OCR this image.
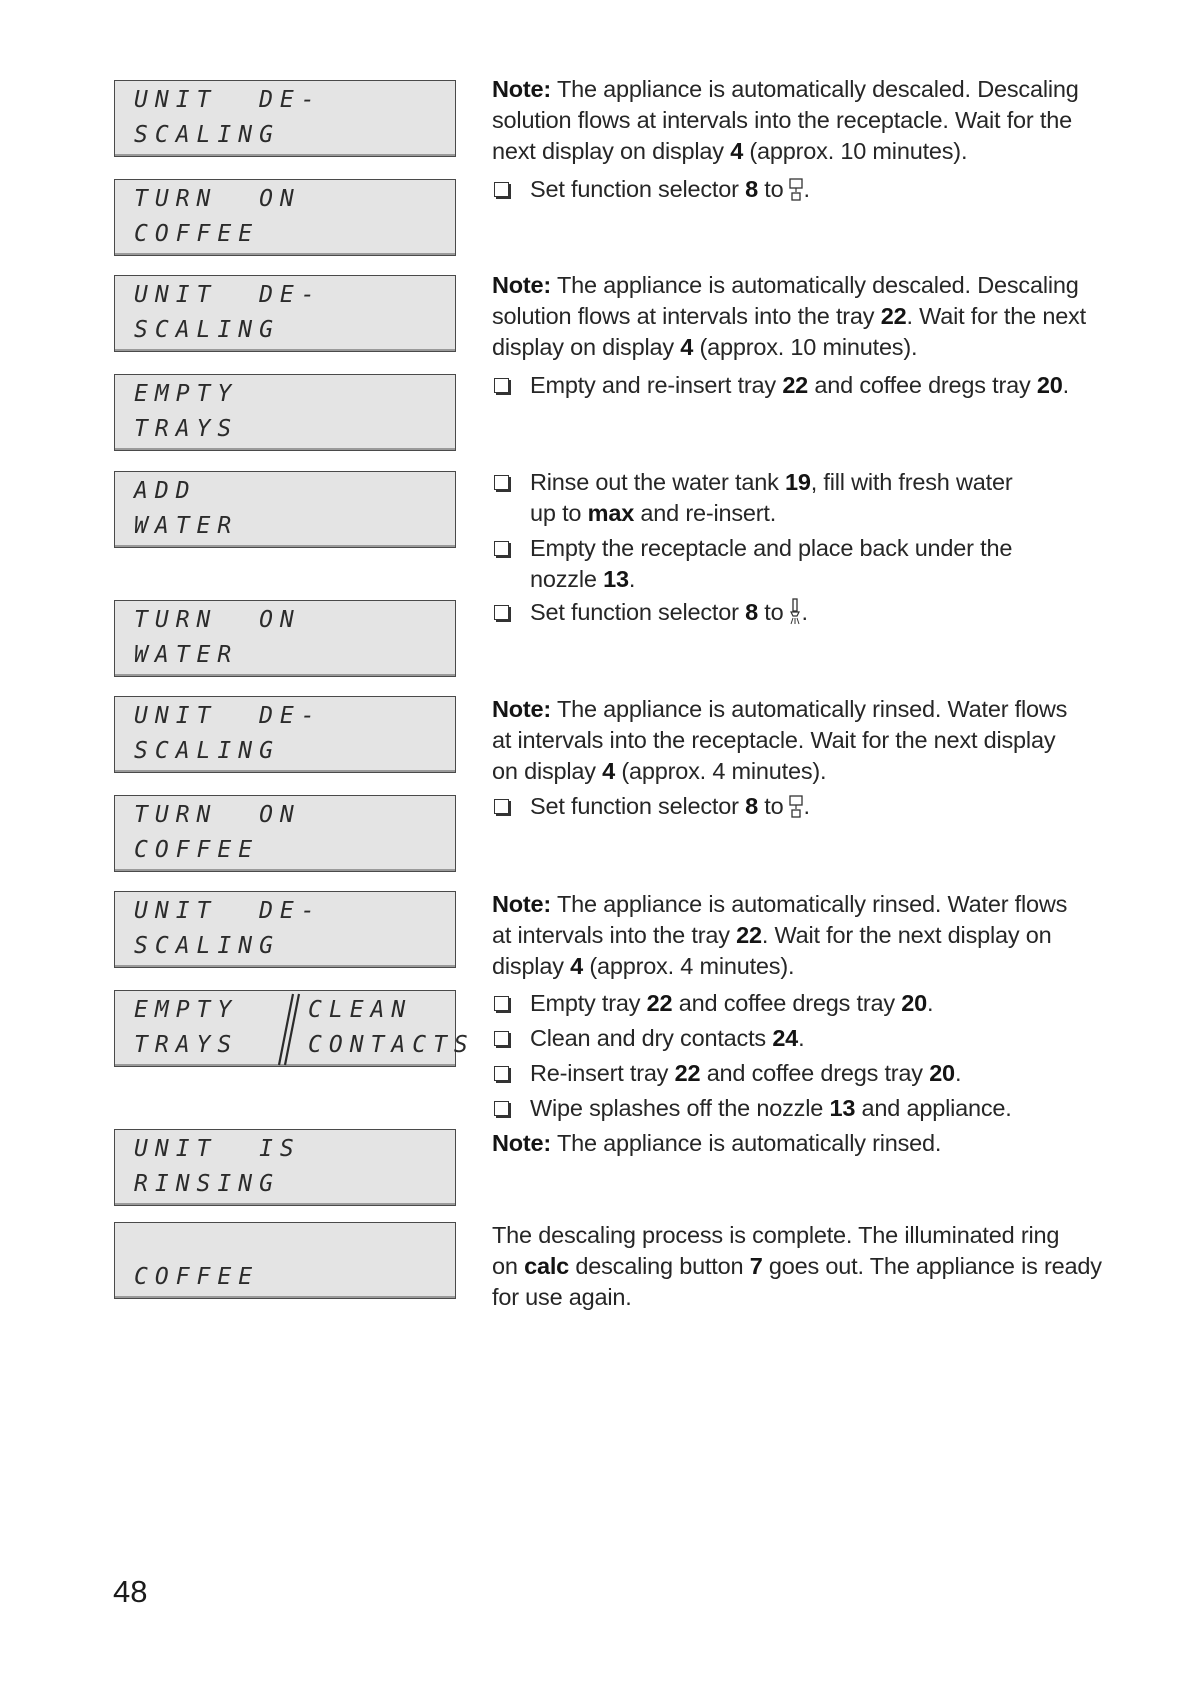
UNIT  DE-
SCALING
TURN  ON
COFFEE
UNIT  DE-
SCALING
EMPTY
TRAYS
ADD
WATER
TURN  ON
WATER
UNIT  DE-
SCALING
TURN  ON
COFFEE
UNIT  DE-
SCALING
EMPTY
TRAYS
CLEAN
CONTACTS
UNIT  IS
RINSING
COFFEE
Note: The appliance is automatically descaled. Descaling
solution flows at intervals into the receptacle. Wait for the
next display on display 4 (approx. 10 minutes).
Set function selector 8 to .
Note: The appliance is automatically descaled. Descaling
solution flows at intervals into the tray 22. Wait for the next
display on display 4 (approx. 10 minutes).
Empty and re-insert tray 22 and coffee dregs tray 20.
Rinse out the water tank 19, fill with fresh water
up to max and re-insert.
Empty the receptacle and place back under the
nozzle 13.
Set function selector 8 to .
Note: The appliance is automatically rinsed. Water flows
at intervals into the receptacle. Wait for the next display
on display 4 (approx. 4 minutes).
Set function selector 8 to .
Note: The appliance is automatically rinsed. Water flows
at intervals into the tray 22. Wait for the next display on
display 4 (approx. 4 minutes).
Empty tray 22 and coffee dregs tray 20.
Clean and dry contacts 24.
Re-insert tray 22 and coffee dregs tray 20.
Wipe splashes off the nozzle 13 and appliance.
Note: The appliance is automatically rinsed.
The descaling process is complete. The illuminated ring
on calc descaling button 7 goes out. The appliance is ready
for use again.
48
